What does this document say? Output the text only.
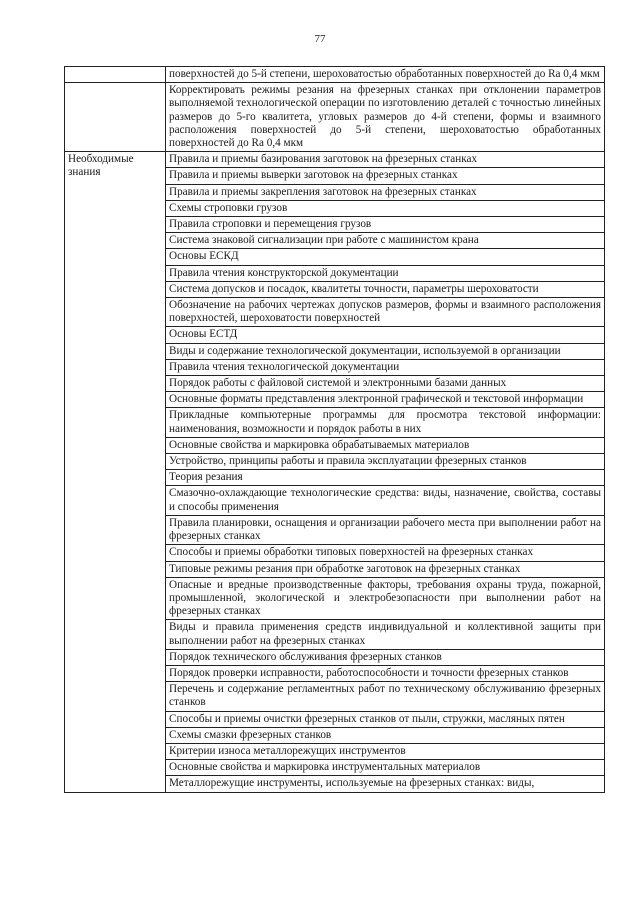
77
	поверхностей до 5-й степени, шероховатостью обработанных поверхностей до Ra 0,4 мкм
	Корректировать режимы резания на фрезерных станках при отклонении параметров выполняемой технологической операции по изготовлению деталей с точностью линейных размеров до 5-го квалитета, угловых размеров до 4-й степени, формы и взаимного расположения поверхностей до 5-й степени, шероховатостью обработанных поверхностей до Ra 0,4 мкм
Необходимые знания	Правила и приемы базирования заготовок на фрезерных станках
	Правила и приемы выверки заготовок на фрезерных станках
	Правила и приемы закрепления заготовок на фрезерных станках
	Схемы строповки грузов
	Правила строповки и перемещения грузов
	Система знаковой сигнализации при работе с машинистом крана
	Основы ЕСКД
	Правила чтения конструкторской документации
	Система допусков и посадок, квалитеты точности, параметры шероховатости
	Обозначение на рабочих чертежах допусков размеров, формы и взаимного расположения поверхностей, шероховатости поверхностей
	Основы ЕСТД
	Виды и содержание технологической документации, используемой в организации
	Правила чтения технологической документации
	Порядок работы с файловой системой и электронными базами данных
	Основные форматы представления электронной графической и текстовой информации
	Прикладные компьютерные программы для просмотра текстовой информации: наименования, возможности и порядок работы в них
	Основные свойства и маркировка обрабатываемых материалов
	Устройство, принципы работы и правила эксплуатации фрезерных станков
	Теория резания
	Смазочно-охлаждающие технологические средства: виды, назначение, свойства, составы и способы применения
	Правила планировки, оснащения и организации рабочего места при выполнении работ на фрезерных станках
	Способы и приемы обработки типовых поверхностей на фрезерных станках
	Типовые режимы резания при обработке заготовок на фрезерных станках
	Опасные и вредные производственные факторы, требования охраны труда, пожарной, промышленной, экологической и электробезопасности при выполнении работ на фрезерных станках
	Виды и правила применения средств индивидуальной и коллективной защиты при выполнении работ на фрезерных станках
	Порядок технического обслуживания фрезерных станков
	Порядок проверки исправности, работоспособности и точности фрезерных станков
	Перечень и содержание регламентных работ по техническому обслуживанию фрезерных станков
	Способы и приемы очистки фрезерных станков от пыли, стружки, масляных пятен
	Схемы смазки фрезерных станков
	Критерии износа металлорежущих инструментов
	Основные свойства и маркировка инструментальных материалов
	Металлорежущие инструменты, используемые на фрезерных станках: виды,
